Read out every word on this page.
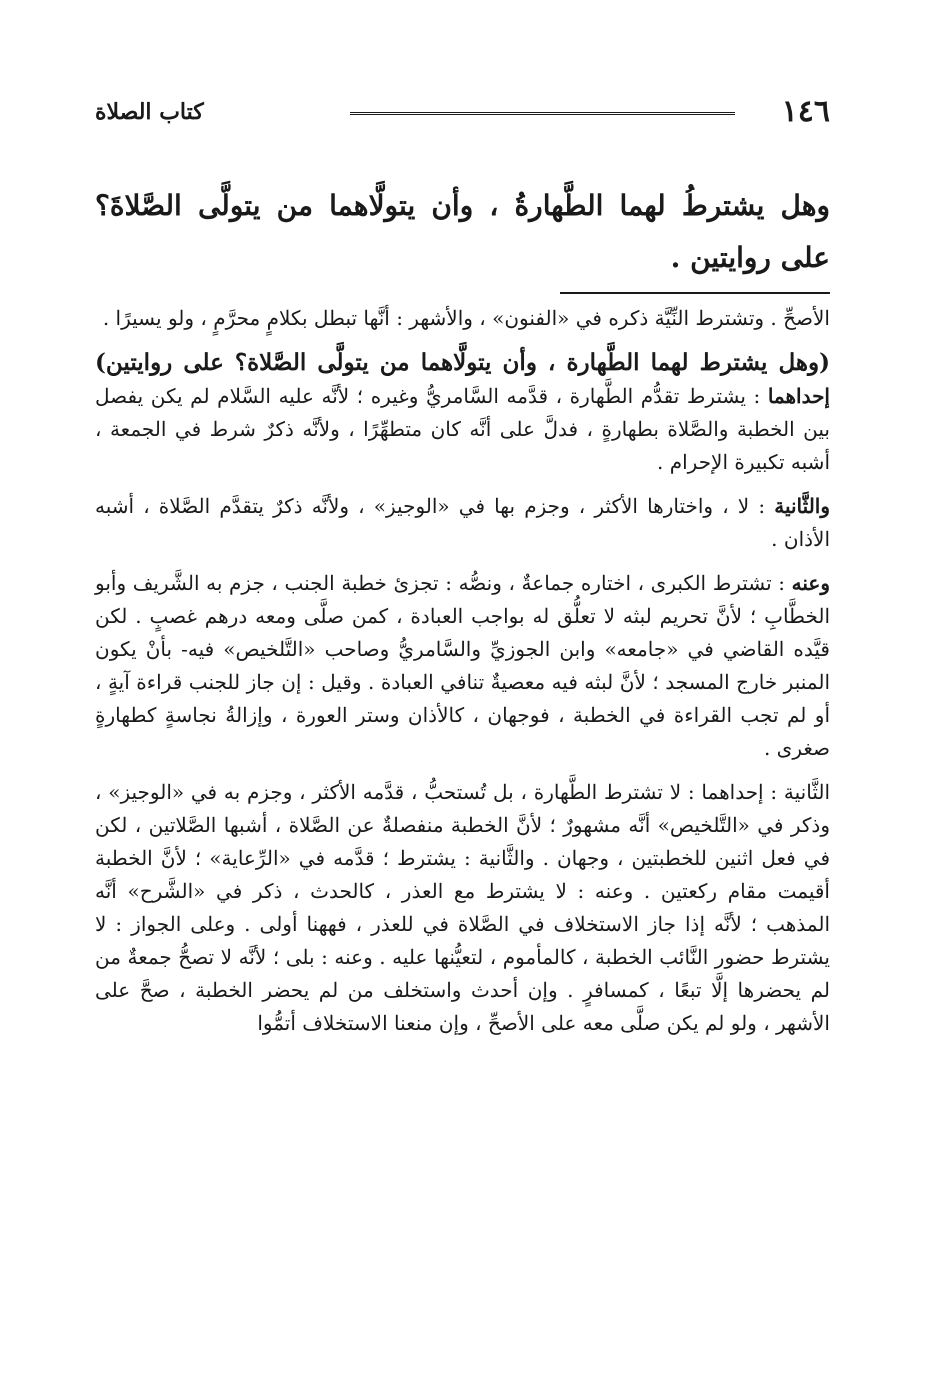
١٤٦
كتاب الصلاة
وهل يشترطُ لهما الطَّهارةُ ، وأن يتولَّاهما من يتولَّى الصَّلاةَ؟ على روايتين .

الأصحِّ . وتشترط النِّيَّة ذكره في «الفنون» ، والأشهر : أنَّها تبطل بكلامٍ محرَّمٍ ، ولو يسيرًا .

(وهل يشترط لهما الطَّهارة ، وأن يتولَّاهما من يتولَّى الصَّلاة؟ على روايتين) إحداهما : يشترط تقدُّم الطَّهارة ، قدَّمه السَّامريُّ وغيره ؛ لأنَّه عليه السَّلام لم يكن يفصل بين الخطبة والصَّلاة بطهارةٍ ، فدلَّ على أنَّه كان متطهِّرًا ، ولأنَّه ذكرٌ شرط في الجمعة ، أشبه تكبيرة الإحرام .

والثَّانية : لا ، واختارها الأكثر ، وجزم بها في «الوجيز» ، ولأنَّه ذكرٌ يتقدَّم الصَّلاة ، أشبه الأذان .

وعنه : تشترط الكبرى ، اختاره جماعةٌ ، ونصُّه : تجزئ خطبة الجنب ، جزم به الشَّريف وأبو الخطَّابِ ؛ لأنَّ تحريم لبثه لا تعلُّق له بواجب العبادة ، كمن صلَّى ومعه درهم غصبٍ . لكن قيَّده القاضي في «جامعه» وابن الجوزيِّ والسَّامريُّ وصاحب «التَّلخيص» فيه- بأنْ يكون المنبر خارج المسجد ؛ لأنَّ لبثه فيه معصيةٌ تنافي العبادة . وقيل : إن جاز للجنب قراءة آيةٍ ، أو لم تجب القراءة في الخطبة ، فوجهان ، كالأذان وستر العورة ، وإزالةُ نجاسةٍ كطهارةٍ صغرى .

الثَّانية : إحداهما : لا تشترط الطَّهارة ، بل تُستحبُّ ، قدَّمه الأكثر ، وجزم به في «الوجيز» ، وذكر في «التَّلخيص» أنَّه مشهورٌ ؛ لأنَّ الخطبة منفصلةٌ عن الصَّلاة ، أشبها الصَّلاتين ، لكن في فعل اثنين للخطبتين ، وجهان . والثَّانية : يشترط ؛ قدَّمه في «الرِّعاية» ؛ لأنَّ الخطبة أقيمت مقام ركعتين . وعنه : لا يشترط مع العذر ، كالحدث ، ذكر في «الشَّرح» أنَّه المذهب ؛ لأنَّه إذا جاز الاستخلاف في الصَّلاة في للعذر ، فههنا أولى . وعلى الجواز : لا يشترط حضور النَّائب الخطبة ، كالمأموم ، لتعيُّنها عليه . وعنه : بلى ؛ لأنَّه لا تصحُّ جمعةٌ من لم يحضرها إلَّا تبعًا ، كمسافرٍ . وإن أحدث واستخلف من لم يحضر الخطبة ، صحَّ على الأشهر ، ولو لم يكن صلَّى معه على الأصحِّ ، وإن منعنا الاستخلاف أتمُّوا
